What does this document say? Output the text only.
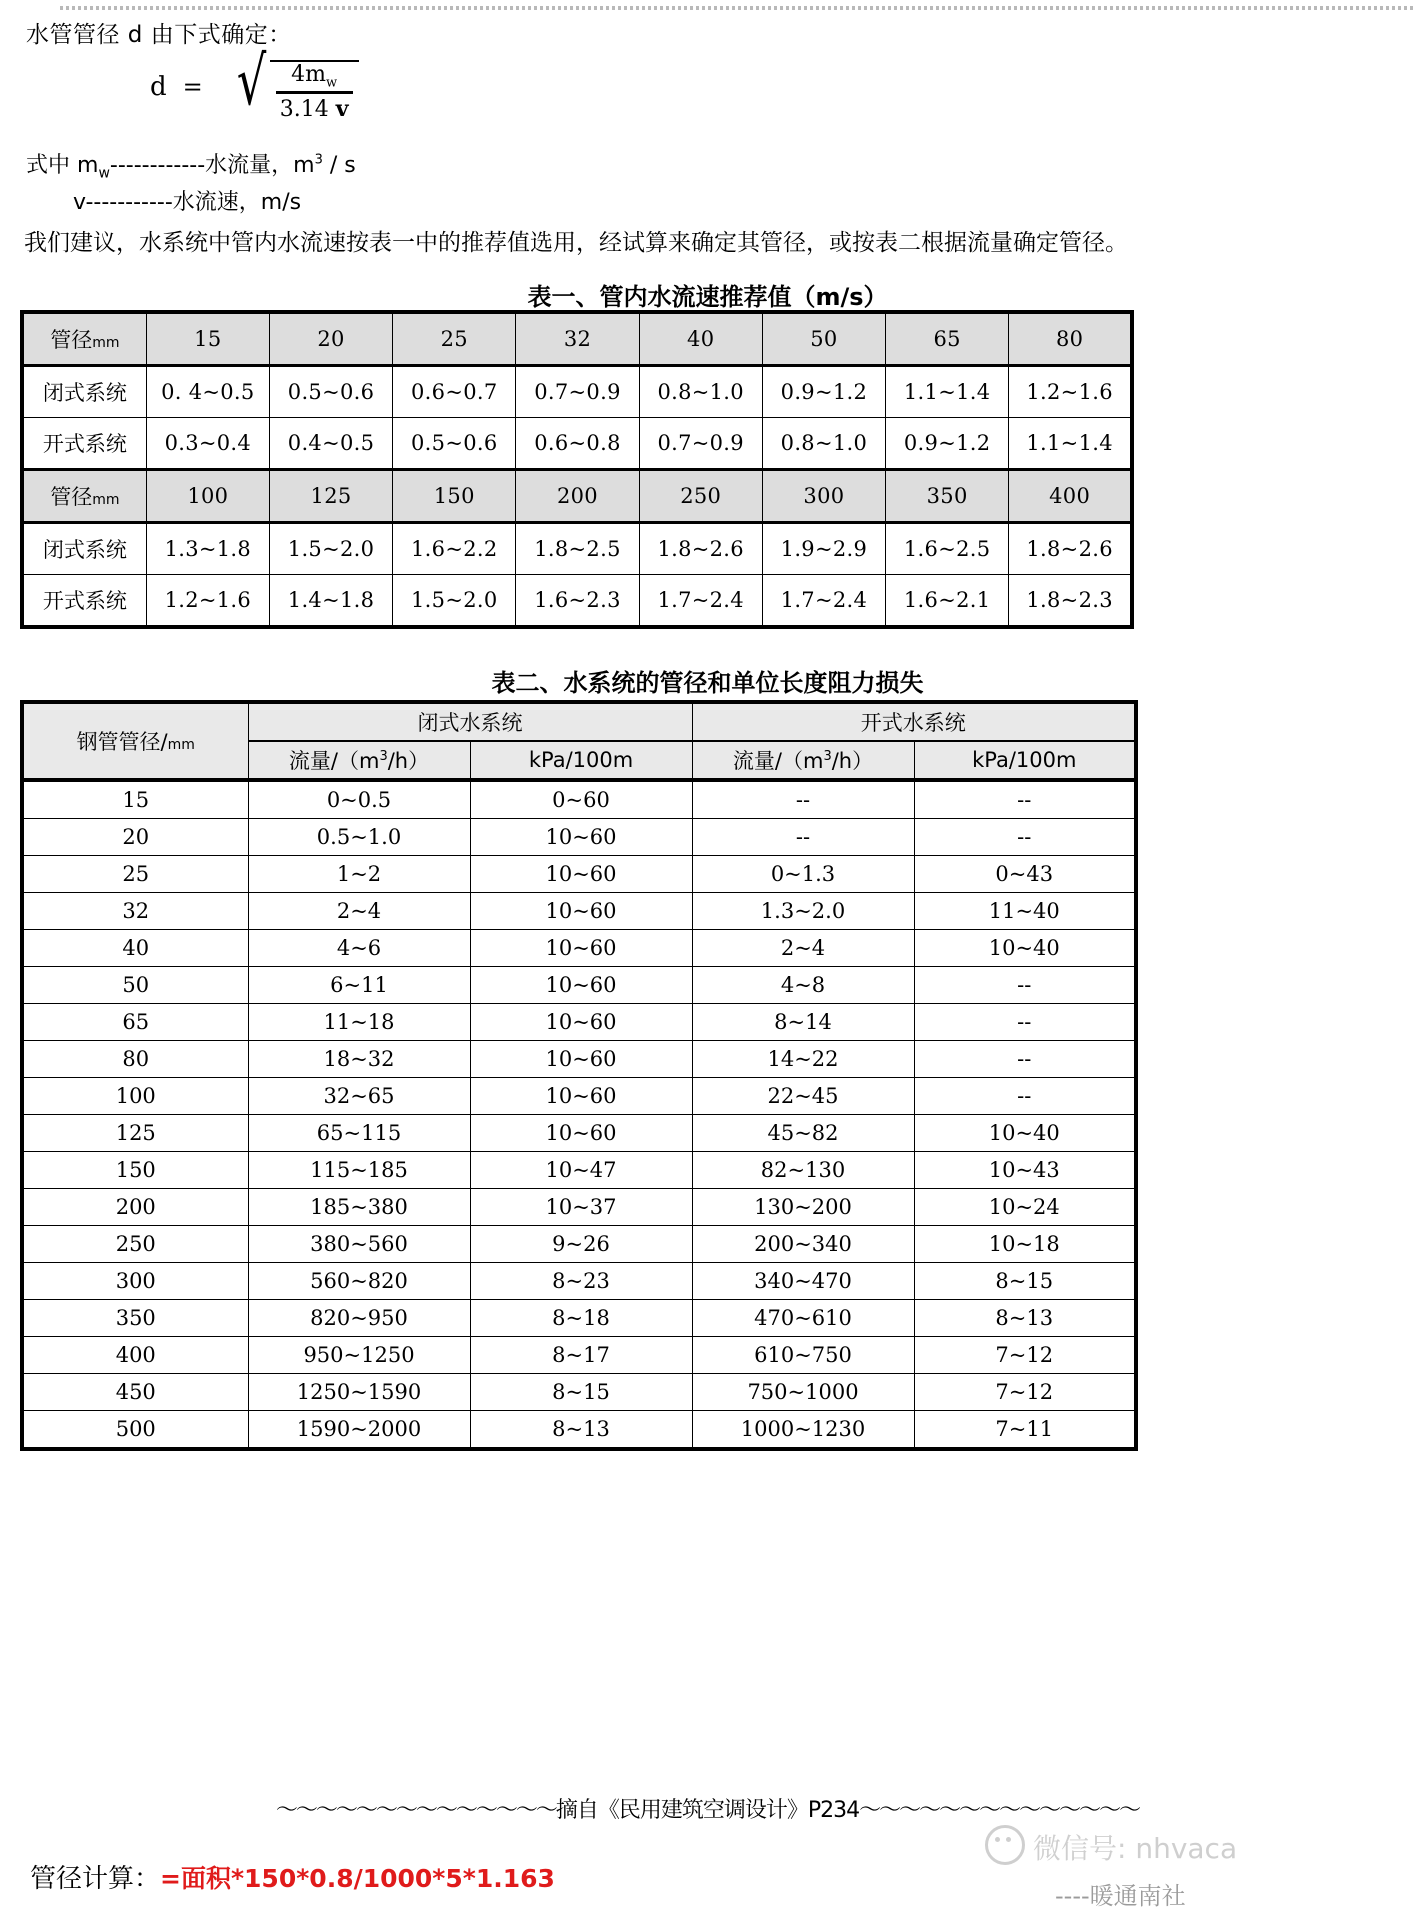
水管管径 d 由下式确定：
d = √ $\frac{4m_w}{3.14 v}$
式中 $m_w------------$水流量，$m^3$ / s
v-----------水流速，m/s
我们建议，水系统中管内水流速按表一中的推荐值选用，经试算来确定其管径，或按表二根据流量确定管径。
表一、管内水流速推荐值（m/s）
管径mm	15	20	25	32	40	50	65	80
闭式系统	0. 4~0.5	0.5~0.6	0.6~0.7	0.7~0.9	0.8~1.0	0.9~1.2	1.1~1.4	1.2~1.6
开式系统	0.3~0.4	0.4~0.5	0.5~0.6	0.6~0.8	0.7~0.9	0.8~1.0	0.9~1.2	1.1~1.4
管径mm	100	125	150	200	250	300	350	400
闭式系统	1.3~1.8	1.5~2.0	1.6~2.2	1.8~2.5	1.8~2.6	1.9~2.9	1.6~2.5	1.8~2.6
开式系统	1.2~1.6	1.4~1.8	1.5~2.0	1.6~2.3	1.7~2.4	1.7~2.4	1.6~2.1	1.8~2.3
表二、水系统的管径和单位长度阻力损失
钢管管径/mm	闭式水系统		开式水系统	
	流量$/(m^3/h)$	kPa/100m	流量$/(m^3/h)$	kPa/100m
15	0~0.5	0~60	--	--
20	0.5~1.0	10~60	--	--
25	1~2	10~60	0~1.3	0~43
32	2~4	10~60	1.3~2.0	11~40
40	4~6	10~60	2~4	10~40
50	6~11	10~60	4~8	--
65	11~18	10~60	8~14	--
80	18~32	10~60	14~22	--
100	32~65	10~60	22~45	--
125	65~115	10~60	45~82	10~40
150	115~185	10~47	82~130	10~43
200	185~380	10~37	130~200	10~24
250	380~560	9~26	200~340	10~18
300	560~820	8~23	340~470	8~15
350	820~950	8~18	470~610	8~13
400	950~1250	8~17	610~750	7~12
450	1250~1590	8~15	750~1000	7~12
500	1590~2000	8~13	1000~1230	7~11
〜〜〜〜〜〜〜〜〜〜〜〜〜〜摘自《民用建筑空调设计》P234〜〜〜〜〜〜〜〜〜〜〜〜〜〜
管径计算：=面积*150*0.8/1000*5*1.163
微信号: nhvaca
----暖通南社
